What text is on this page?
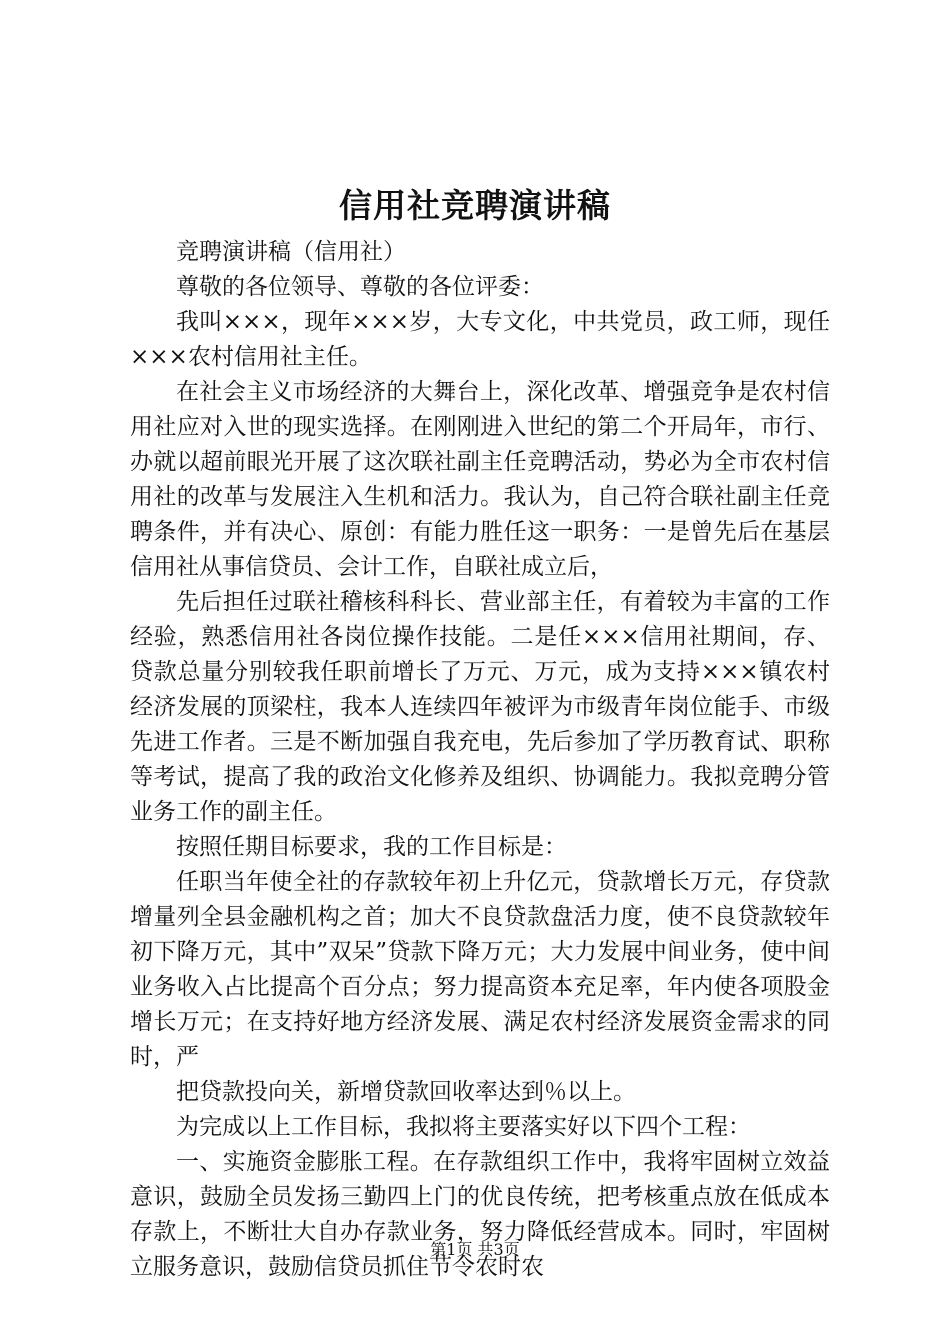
信用社竞聘演讲稿

竞聘演讲稿（信用社）

尊敬的各位领导、尊敬的各位评委：

我叫×××，现年×××岁，大专文化，中共党员，政工师，现任×××农村信用社主任。

在社会主义市场经济的大舞台上，深化改革、增强竞争是农村信用社应对入世的现实选择。在刚刚进入世纪的第二个开局年，市行、办就以超前眼光开展了这次联社副主任竞聘活动，势必为全市农村信用社的改革与发展注入生机和活力。我认为，自己符合联社副主任竞聘条件，并有决心、原创：有能力胜任这一职务：一是曾先后在基层信用社从事信贷员、会计工作，自联社成立后，

先后担任过联社稽核科科长、营业部主任，有着较为丰富的工作经验，熟悉信用社各岗位操作技能。二是任×××信用社期间，存、贷款总量分别较我任职前增长了万元、万元，成为支持×××镇农村经济发展的顶梁柱，我本人连续四年被评为市级青年岗位能手、市级先进工作者。三是不断加强自我充电，先后参加了学历教育试、职称等考试，提高了我的政治文化修养及组织、协调能力。我拟竞聘分管业务工作的副主任。

按照任期目标要求，我的工作目标是：

任职当年使全社的存款较年初上升亿元，贷款增长万元，存贷款增量列全县金融机构之首；加大不良贷款盘活力度，使不良贷款较年初下降万元，其中”双呆”贷款下降万元；大力发展中间业务，使中间业务收入占比提高个百分点；努力提高资本充足率，年内使各项股金增长万元；在支持好地方经济发展、满足农村经济发展资金需求的同时，严

把贷款投向关，新增贷款回收率达到％以上。

为完成以上工作目标，我拟将主要落实好以下四个工程：

一、实施资金膨胀工程。在存款组织工作中，我将牢固树立效益意识，鼓励全员发扬三勤四上门的优良传统，把考核重点放在低成本存款上，不断壮大自办存款业务，努力降低经营成本。同时，牢固树立服务意识，鼓励信贷员抓住节令农时农

第1页 共3页
